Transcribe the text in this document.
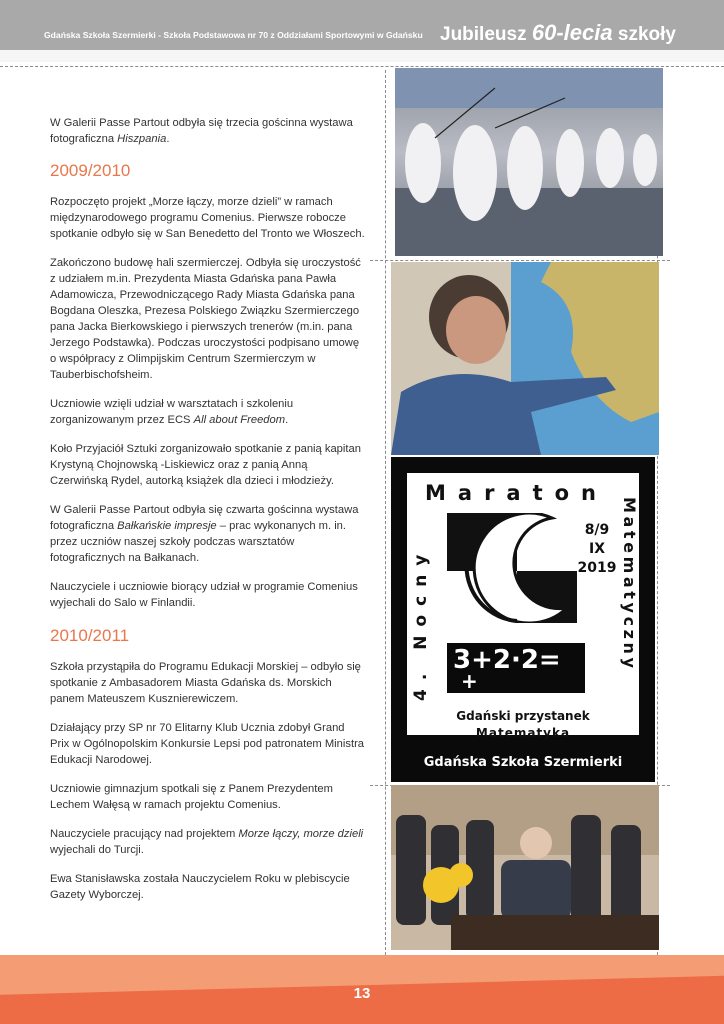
Gdańska Szkoła Szermierki - Szkoła Podstawowa nr 70 z Oddziałami Sportowymi w Gdańsku Jubileusz 60-lecia szkoły

W Galerii Passe Partout odbyła się trzecia gościnna wystawa fotograficzna Hiszpania.

2009/2010

Rozpoczęto projekt „Morze łączy, morze dzieli” w ramach międzynarodowego programu Comenius. Pierwsze robocze spotkanie odbyło się w San Benedetto del Tronto we Włoszech.

Zakończono budowę hali szermierczej. Odbyła się uroczystość z udziałem m.in. Prezydenta Miasta Gdańska pana Pawła Adamowicza, Przewodniczącego Rady Miasta Gdańska pana Bogdana Oleszka, Prezesa Polskiego Związku Szermierczego pana Jacka Bierkowskiego i pierwszych trenerów (m.in. pana Jerzego Podstawka). Podczas uroczystości podpisano umowę o współpracy z Olimpijskim Centrum Szermierczym w Tauberbischofsheim.

Uczniowie wzięli udział w warsztatach i szkoleniu zorganizowanym przez ECS All about Freedom.

Koło Przyjaciół Sztuki zorganizowało spotkanie z panią kapitan Krystyną Chojnowską -Liskiewicz oraz z panią Anną Czerwińską Rydel, autorką książek dla dzieci i młodzieży.

W Galerii Passe Partout odbyła się czwarta gościnna wystawa fotograficzna Bałkańskie impresje – prac wykonanych m. in. przez uczniów naszej szkoły podczas warsztatów fotograficznych na Bałkanach.

Nauczyciele i uczniowie biorący udział w programie Comenius wyjechali do Salo w Finlandii.

2010/2011

Szkoła przystąpiła do Programu Edukacji Morskiej – odbyło się spotkanie z Ambasadorem Miasta Gdańska ds. Morskich panem Mateuszem Kusznierewiczem.

Działający przy SP nr 70 Elitarny Klub Ucznia zdobył Grand Prix w Ogólnopolskim Konkursie Lepsi pod patronatem Ministra Edukacji Narodowej.

Uczniowie gimnazjum spotkali się z Panem Prezydentem Lechem Wałęsą w ramach projektu Comenius.

Nauczyciele pracujący nad projektem Morze łączy, morze dzieli wyjechali do Turcji.

Ewa Stanisławska została Nauczycielem Roku w plebiscycie Gazety Wyborczej.

Maraton
4. Nocny	Matematyczny
8/9
IX
2019
3+2·2=
+
Gdański przystanek
Matematyka
Gdańska Szkoła Szermierki
13
